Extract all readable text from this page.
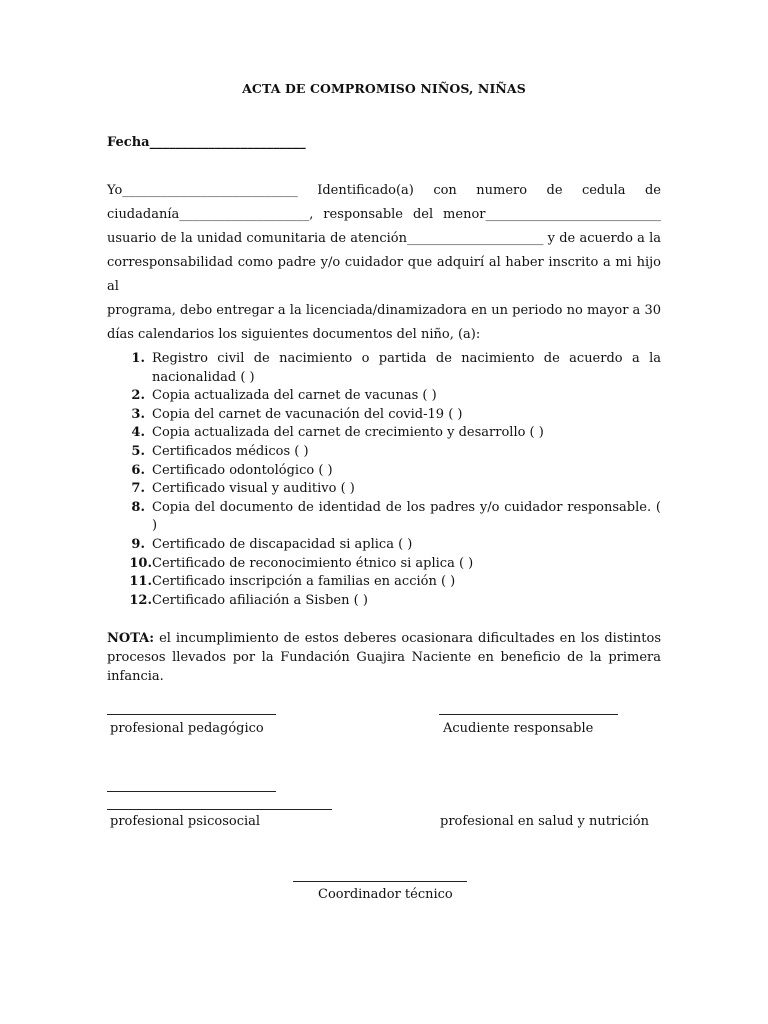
ACTA DE COMPROMISO NIÑOS, NIÑAS
Fecha________________________
Yo___________________________ Identificado(a) con numero de cedula de
ciudadanía____________________, responsable del menor___________________________
usuario de la unidad comunitaria de atención_____________________ y de acuerdo a la
corresponsabilidad como padre y/o cuidador que adquirí al haber inscrito a mi hijo al
programa, debo entregar a la licenciada/dinamizadora en un periodo no mayor a 30
días calendarios los siguientes documentos del niño, (a):
1. Registro civil de nacimiento o partida de nacimiento de acuerdo a la nacionalidad ( )
2. Copia actualizada del carnet de vacunas ( )
3. Copia del carnet de vacunación del covid-19 ( )
4. Copia actualizada del carnet de crecimiento y desarrollo ( )
5. Certificados médicos ( )
6. Certificado odontológico ( )
7. Certificado visual y auditivo ( )
8. Copia del documento de identidad de los padres y/o cuidador responsable. ( )
9. Certificado de discapacidad si aplica ( )
10. Certificado de reconocimiento étnico si aplica ( )
11. Certificado inscripción a familias en acción ( )
12. Certificado afiliación a Sisben ( )
NOTA: el incumplimiento de estos deberes ocasionara dificultades en los distintos procesos llevados por la Fundación Guajira Naciente en beneficio de la primera infancia.
profesional pedagógico	Acudiente responsable
profesional psicosocial	profesional en salud y nutrición
Coordinador técnico
